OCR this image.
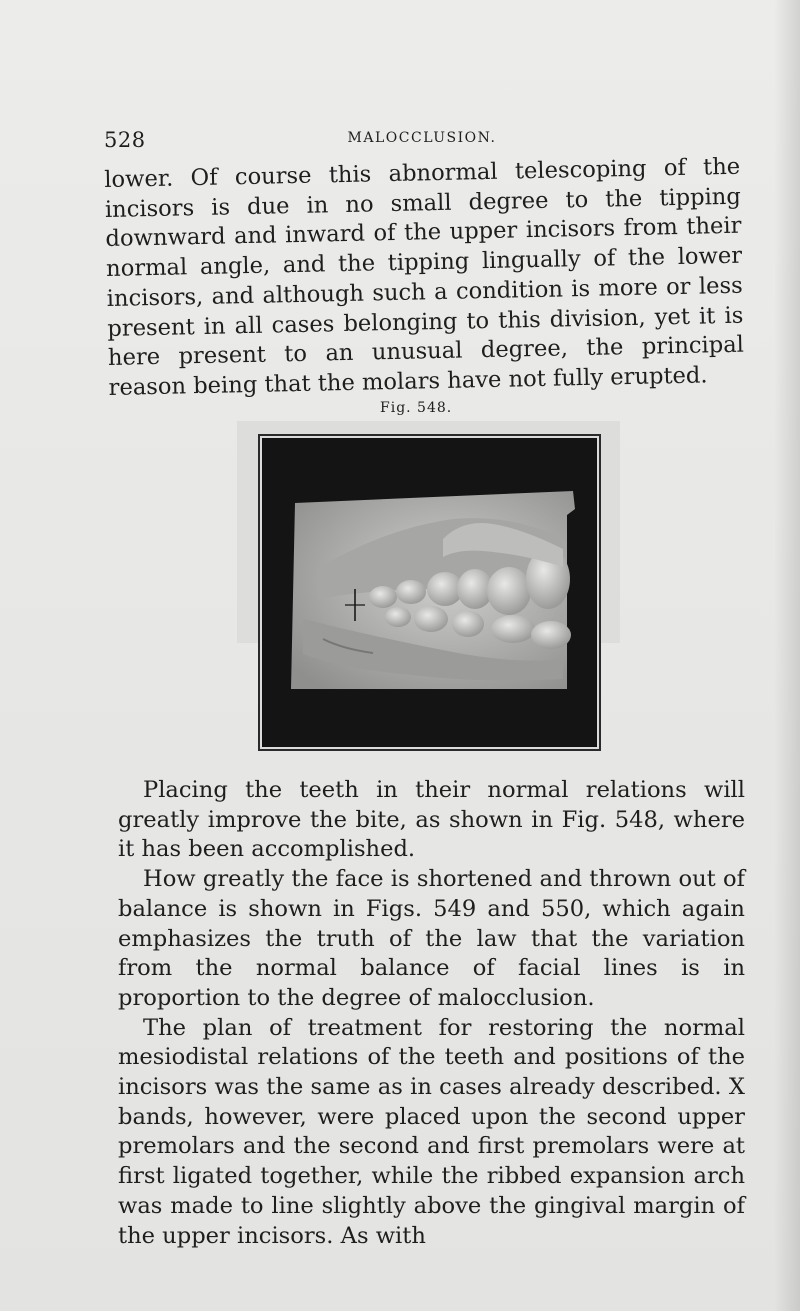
528	MALOCCLUSION.

lower. Of course this abnormal telescoping of the incisors is due in no small degree to the tipping downward and inward of the upper incisors from their normal angle, and the tipping lingually of the lower incisors, and although such a condition is more or less present in all cases belonging to this division, yet it is here present to an unusual degree, the principal reason being that the molars have not fully erupted.

Fig. 548.

Placing the teeth in their normal relations will greatly improve the bite, as shown in Fig. 548, where it has been accomplished.

How greatly the face is shortened and thrown out of balance is shown in Figs. 549 and 550, which again emphasizes the truth of the law that the variation from the normal balance of facial lines is in proportion to the degree of malocclusion.

The plan of treatment for restoring the normal mesiodistal relations of the teeth and positions of the incisors was the same as in cases already described. X bands, however, were placed upon the second upper premolars and the second and first premolars were at first ligated together, while the ribbed expansion arch was made to line slightly above the gingival margin of the upper incisors. As with
